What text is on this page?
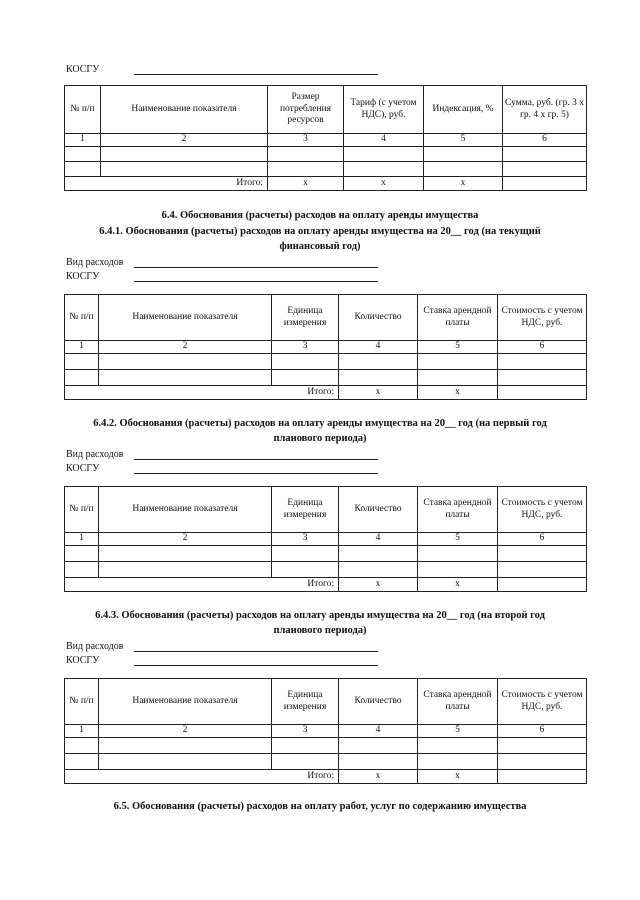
КОСГУ
№ п/п	Наименование показателя	Размер потребления ресурсов	Тариф (с учетом НДС), руб.	Индексация, %	Сумма, руб. (гр. 3 х гр. 4 х гр. 5)
1	2	3	4	5	6

Итого:		x	x	x	
6.4. Обоснования (расчеты) расходов на оплату аренды имущества
6.4.1. Обоснования (расчеты) расходов на оплату аренды имущества на 20__ год (на текущий
финансовый год)
Вид расходов
КОСГУ
№ п/п	Наименование показателя	Единица измерения	Количество	Ставка арендной платы	Стоимость с учетом НДС, руб.
1	2	3	4	5	6

Итого:			x	x	
6.4.2. Обоснования (расчеты) расходов на оплату аренды имущества на 20__ год (на первый год
планового периода)
Вид расходов
КОСГУ
№ п/п	Наименование показателя	Единица измерения	Количество	Ставка арендной платы	Стоимость с учетом НДС, руб.
1	2	3	4	5	6

Итого:			x	x	
6.4.3. Обоснования (расчеты) расходов на оплату аренды имущества на 20__ год (на второй год
планового периода)
Вид расходов
КОСГУ
№ п/п	Наименование показателя	Единица измерения	Количество	Ставка арендной платы	Стоимость с учетом НДС, руб.
1	2	3	4	5	6

Итого:			x	x	
6.5. Обоснования (расчеты) расходов на оплату работ, услуг по содержанию имущества
